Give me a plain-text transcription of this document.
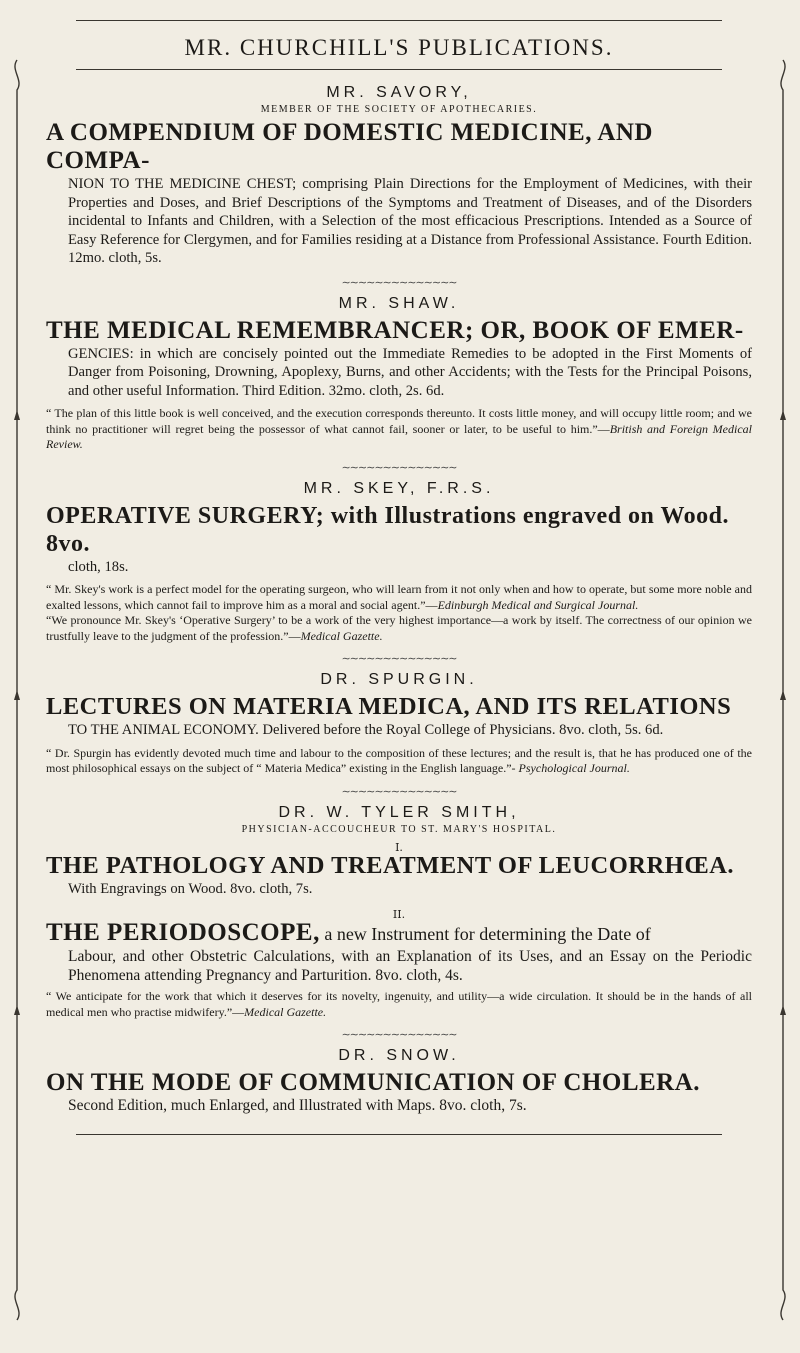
MR. CHURCHILL'S PUBLICATIONS.
MR. SAVORY,
MEMBER OF THE SOCIETY OF APOTHECARIES.
A COMPENDIUM OF DOMESTIC MEDICINE, AND COMPA-
NION TO THE MEDICINE CHEST; comprising Plain Directions for the Employment of Medicines, with their Properties and Doses, and Brief Descriptions of the Symptoms and Treatment of Diseases, and of the Disorders incidental to Infants and Children, with a Selection of the most efficacious Prescriptions. Intended as a Source of Easy Reference for Clergymen, and for Families residing at a Distance from Professional Assistance. Fourth Edition. 12mo. cloth, 5s.
∼∼∼∼∼∼∼∼∼∼∼∼∼∼
MR. SHAW.
THE MEDICAL REMEMBRANCER; OR, BOOK OF EMER-
GENCIES: in which are concisely pointed out the Immediate Remedies to be adopted in the First Moments of Danger from Poisoning, Drowning, Apoplexy, Burns, and other Accidents; with the Tests for the Principal Poisons, and other useful Information. Third Edition. 32mo. cloth, 2s. 6d.
“ The plan of this little book is well conceived, and the execution corresponds thereunto. It costs little money, and will occupy little room; and we think no practitioner will regret being the possessor of what cannot fail, sooner or later, to be useful to him.”—British and Foreign Medical Review.
∼∼∼∼∼∼∼∼∼∼∼∼∼∼
MR. SKEY, F.R.S.
OPERATIVE SURGERY; with Illustrations engraved on Wood. 8vo.
cloth, 18s.
“ Mr. Skey's work is a perfect model for the operating surgeon, who will learn from it not only when and how to operate, but some more noble and exalted lessons, which cannot fail to improve him as a moral and social agent.”—Edinburgh Medical and Surgical Journal.
“We pronounce Mr. Skey's ‘Operative Surgery’ to be a work of the very highest importance—a work by itself. The correctness of our opinion we trustfully leave to the judgment of the profession.”—Medical Gazette.
∼∼∼∼∼∼∼∼∼∼∼∼∼∼
DR. SPURGIN.
LECTURES ON MATERIA MEDICA, AND ITS RELATIONS
TO THE ANIMAL ECONOMY. Delivered before the Royal College of Physicians. 8vo. cloth, 5s. 6d.
“ Dr. Spurgin has evidently devoted much time and labour to the composition of these lectures; and the result is, that he has produced one of the most philosophical essays on the subject of “ Materia Medica” existing in the English language.”- Psychological Journal.
∼∼∼∼∼∼∼∼∼∼∼∼∼∼
DR. W. TYLER SMITH,
PHYSICIAN-ACCOUCHEUR TO ST. MARY'S HOSPITAL.
I.
THE PATHOLOGY AND TREATMENT OF LEUCORRHŒA.
With Engravings on Wood. 8vo. cloth, 7s.
II.
THE PERIODOSCOPE, a new Instrument for determining the Date of
Labour, and other Obstetric Calculations, with an Explanation of its Uses, and an Essay on the Periodic Phenomena attending Pregnancy and Parturition. 8vo. cloth, 4s.
“ We anticipate for the work that which it deserves for its novelty, ingenuity, and utility—a wide circulation. It should be in the hands of all medical men who practise midwifery.”—Medical Gazette.
∼∼∼∼∼∼∼∼∼∼∼∼∼∼
DR. SNOW.
ON THE MODE OF COMMUNICATION OF CHOLERA.
Second Edition, much Enlarged, and Illustrated with Maps. 8vo. cloth, 7s.
